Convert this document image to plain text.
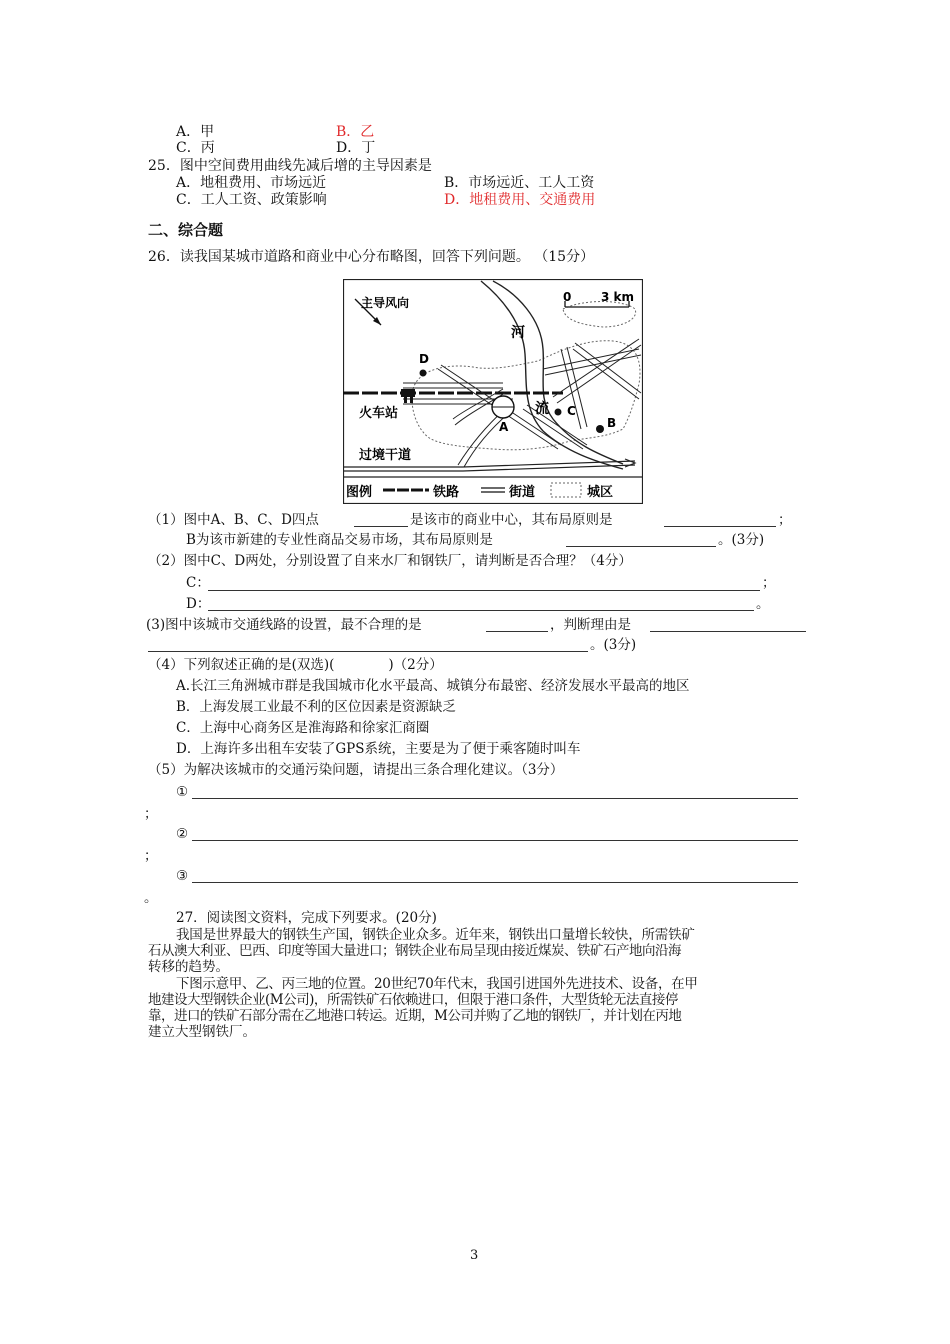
A．甲	B．乙
C．丙	D．丁
25．图中空间费用曲线先减后增的主导因素是
A．地租费用、市场远近	B．市场远近、工人工资
C．工人工资、政策影响	D．地租费用、交通费用
二、综合题
26．读我国某城市道路和商业中心分布略图，回答下列问题。 （15分）
主导风向	0 3 km
河
流
A	B
C
D
火车站
过境干道
图例	铁路	街道	城区
（1）图中A、B、C、D四点	是该市的商业中心，其布局原则是	；
B为该市新建的专业性商品交易市场，其布局原则是	。(3分)
（2）图中C、D两处，分别设置了自来水厂和钢铁厂，请判断是否合理？（4分）
C：	；
D：	。
(3)图中该城市交通线路的设置，最不合理的是	，判断理由是
。(3分)
（4）下列叙述正确的是(双选)(　　　　)（2分）
A.长江三角洲城市群是我国城市化水平最高、城镇分布最密、经济发展水平最高的地区
B．上海发展工业最不利的区位因素是资源缺乏
C．上海中心商务区是淮海路和徐家汇商圈
D．上海许多出租车安装了GPS系统，主要是为了便于乘客随时叫车
（5）为解决该城市的交通污染问题，请提出三条合理化建议。（3分）
①
；
②
；
③
。
27．阅读图文资料，完成下列要求。(20分)
我国是世界最大的钢铁生产国，钢铁企业众多。近年来，钢铁出口量增长较快，所需铁矿
石从澳大利亚、巴西、印度等国大量进口；钢铁企业布局呈现由接近煤炭、铁矿石产地向沿海
转移的趋势。
下图示意甲、乙、丙三地的位置。20世纪70年代末，我国引进国外先进技术、设备，在甲
地建设大型钢铁企业(M公司)，所需铁矿石依赖进口，但限于港口条件，大型货轮无法直接停
靠，进口的铁矿石部分需在乙地港口转运。近期，M公司并购了乙地的钢铁厂，并计划在丙地
建立大型钢铁厂。
3
